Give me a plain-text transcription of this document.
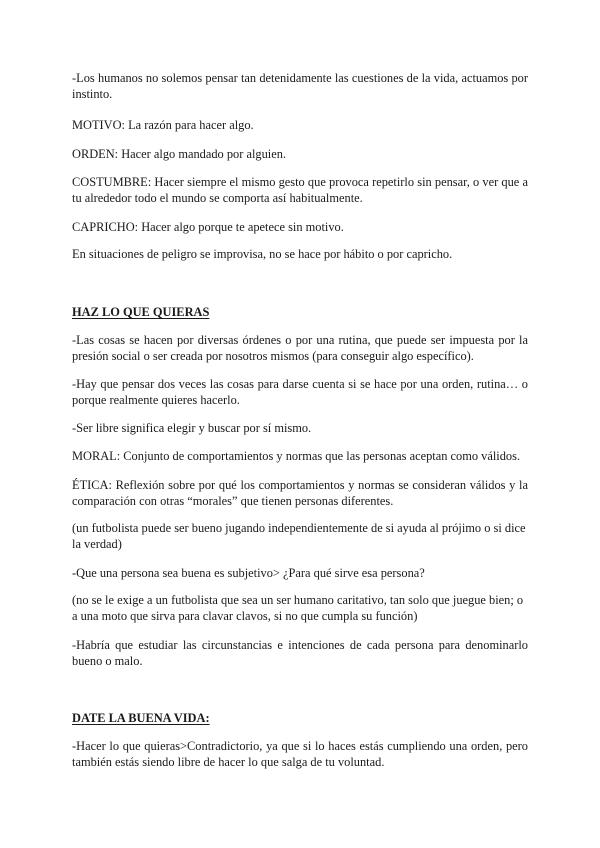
-Los humanos no solemos pensar tan detenidamente las cuestiones de la vida, actuamos por instinto.

MOTIVO: La razón para hacer algo.

ORDEN: Hacer algo mandado por alguien.

COSTUMBRE: Hacer siempre el mismo gesto que provoca repetirlo sin pensar, o ver que a tu alrededor todo el mundo se comporta así habitualmente.

CAPRICHO: Hacer algo porque te apetece sin motivo.

En situaciones de peligro se improvisa, no se hace por hábito o por capricho.

HAZ LO QUE QUIERAS

-Las cosas se hacen por diversas órdenes o por una rutina, que puede ser impuesta por la presión social o ser creada por nosotros mismos (para conseguir algo específico).

-Hay que pensar dos veces las cosas para darse cuenta si se hace por una orden, rutina… o porque realmente quieres hacerlo.

-Ser libre significa elegir y buscar por sí mismo.

MORAL: Conjunto de comportamientos y normas que las personas aceptan como válidos.

ÉTICA: Reflexión sobre por qué los comportamientos y normas se consideran válidos y la comparación con otras “morales” que tienen personas diferentes.

(un futbolista puede ser bueno jugando independientemente de si ayuda al prójimo o si dice la verdad)

-Que una persona sea buena es subjetivo> ¿Para qué sirve esa persona?

(no se le exige a un futbolista que sea un ser humano caritativo, tan solo que juegue bien; o a una moto que sirva para clavar clavos, si no que cumpla su función)

-Habría que estudiar las circunstancias e intenciones de cada persona para denominarlo bueno o malo.

DATE LA BUENA VIDA:

-Hacer lo que quieras>Contradictorio, ya que si lo haces estás cumpliendo una orden, pero también estás siendo libre de hacer lo que salga de tu voluntad.
